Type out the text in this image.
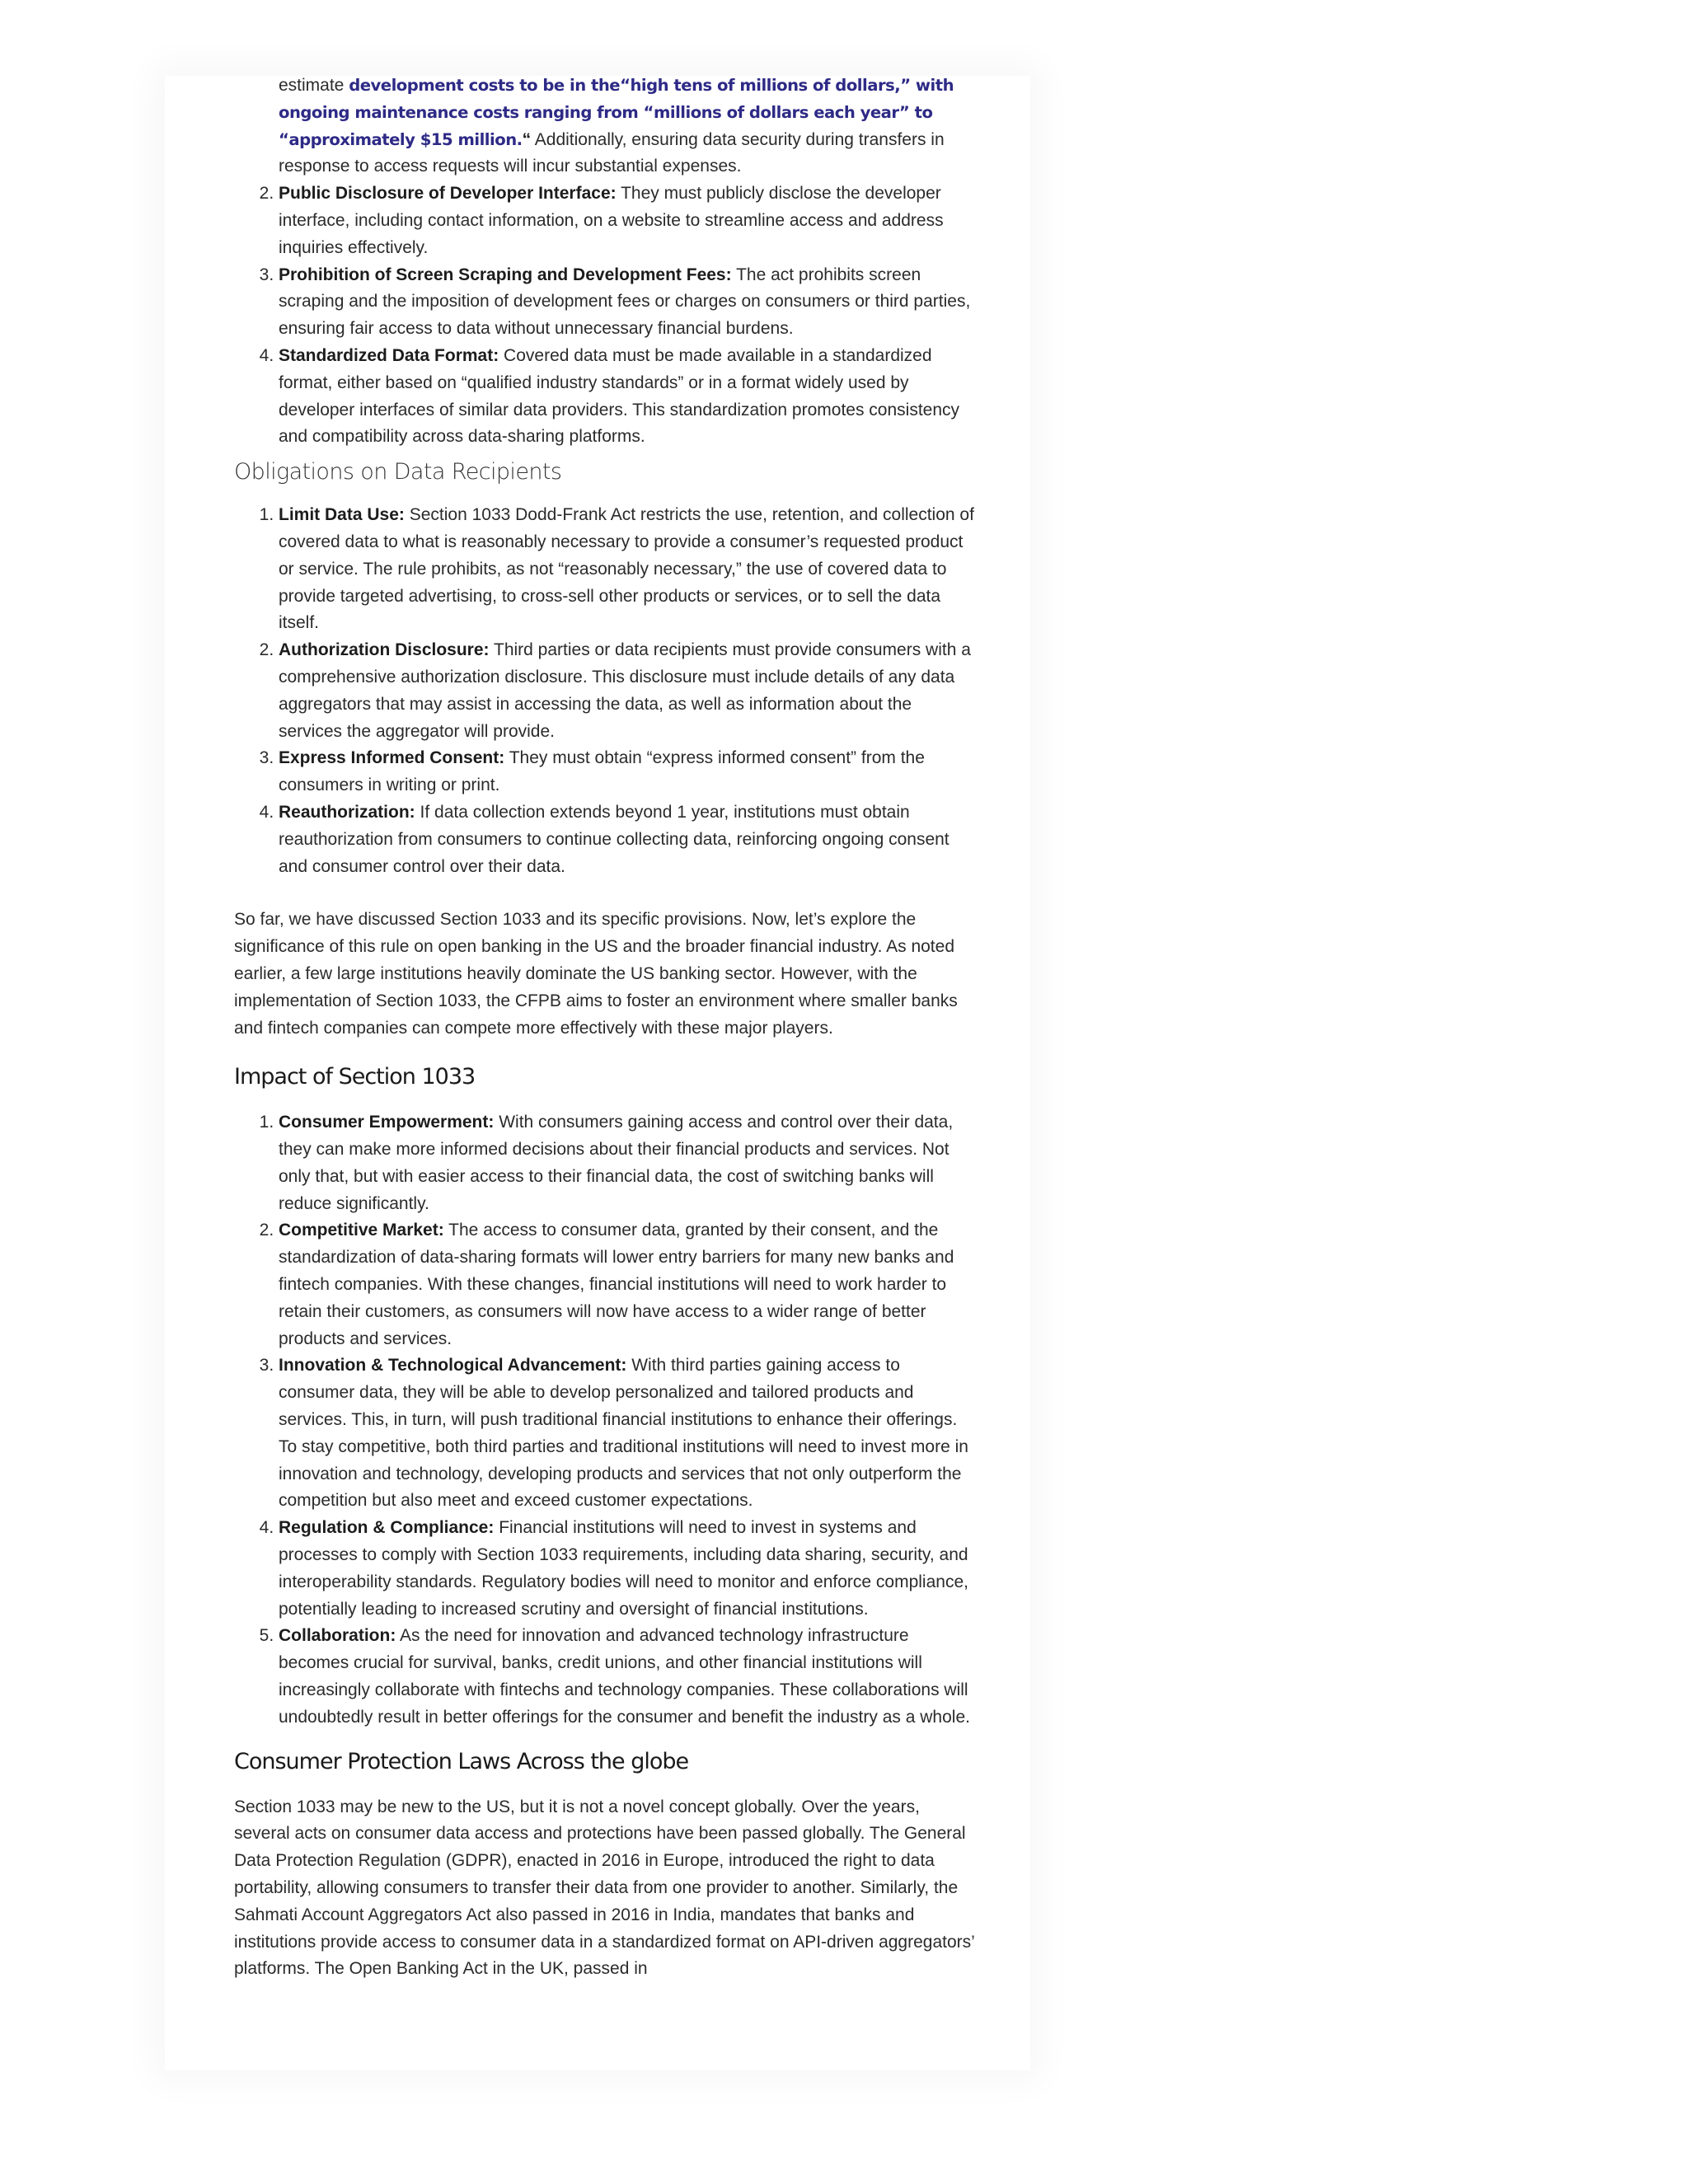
estimate development costs to be in the“high tens of millions of dollars,” with ongoing maintenance costs ranging from “millions of dollars each year” to “approximately $15 million.“ Additionally, ensuring data security during transfers in response to access requests will incur substantial expenses.
2. Public Disclosure of Developer Interface: They must publicly disclose the developer interface, including contact information, on a website to streamline access and address inquiries effectively.
3. Prohibition of Screen Scraping and Development Fees: The act prohibits screen scraping and the imposition of development fees or charges on consumers or third parties, ensuring fair access to data without unnecessary financial burdens.
4. Standardized Data Format: Covered data must be made available in a standardized format, either based on “qualified industry standards” or in a format widely used by developer interfaces of similar data providers. This standardization promotes consistency and compatibility across data-sharing platforms.
Obligations on Data Recipients
1. Limit Data Use: Section 1033 Dodd-Frank Act restricts the use, retention, and collection of covered data to what is reasonably necessary to provide a consumer’s requested product or service. The rule prohibits, as not “reasonably necessary,” the use of covered data to provide targeted advertising, to cross-sell other products or services, or to sell the data itself.
2. Authorization Disclosure: Third parties or data recipients must provide consumers with a comprehensive authorization disclosure. This disclosure must include details of any data aggregators that may assist in accessing the data, as well as information about the services the aggregator will provide.
3. Express Informed Consent: They must obtain “express informed consent” from the consumers in writing or print.
4. Reauthorization: If data collection extends beyond 1 year, institutions must obtain reauthorization from consumers to continue collecting data, reinforcing ongoing consent and consumer control over their data.

So far, we have discussed Section 1033 and its specific provisions. Now, let’s explore the significance of this rule on open banking in the US and the broader financial industry. As noted earlier, a few large institutions heavily dominate the US banking sector. However, with the implementation of Section 1033, the CFPB aims to foster an environment where smaller banks and fintech companies can compete more effectively with these major players.

Impact of Section 1033
1. Consumer Empowerment: With consumers gaining access and control over their data, they can make more informed decisions about their financial products and services. Not only that, but with easier access to their financial data, the cost of switching banks will reduce significantly.
2. Competitive Market: The access to consumer data, granted by their consent, and the standardization of data-sharing formats will lower entry barriers for many new banks and fintech companies. With these changes, financial institutions will need to work harder to retain their customers, as consumers will now have access to a wider range of better products and services.
3. Innovation & Technological Advancement: With third parties gaining access to consumer data, they will be able to develop personalized and tailored products and services. This, in turn, will push traditional financial institutions to enhance their offerings. To stay competitive, both third parties and traditional institutions will need to invest more in innovation and technology, developing products and services that not only outperform the competition but also meet and exceed customer expectations.
4. Regulation & Compliance: Financial institutions will need to invest in systems and processes to comply with Section 1033 requirements, including data sharing, security, and interoperability standards. Regulatory bodies will need to monitor and enforce compliance, potentially leading to increased scrutiny and oversight of financial institutions.
5. Collaboration: As the need for innovation and advanced technology infrastructure becomes crucial for survival, banks, credit unions, and other financial institutions will increasingly collaborate with fintechs and technology companies. These collaborations will undoubtedly result in better offerings for the consumer and benefit the industry as a whole.
Consumer Protection Laws Across the globe

Section 1033 may be new to the US, but it is not a novel concept globally. Over the years, several acts on consumer data access and protections have been passed globally. The General Data Protection Regulation (GDPR), enacted in 2016 in Europe, introduced the right to data portability, allowing consumers to transfer their data from one provider to another. Similarly, the Sahmati Account Aggregators Act also passed in 2016 in India, mandates that banks and institutions provide access to consumer data in a standardized format on API-driven aggregators’ platforms. The Open Banking Act in the UK, passed in
